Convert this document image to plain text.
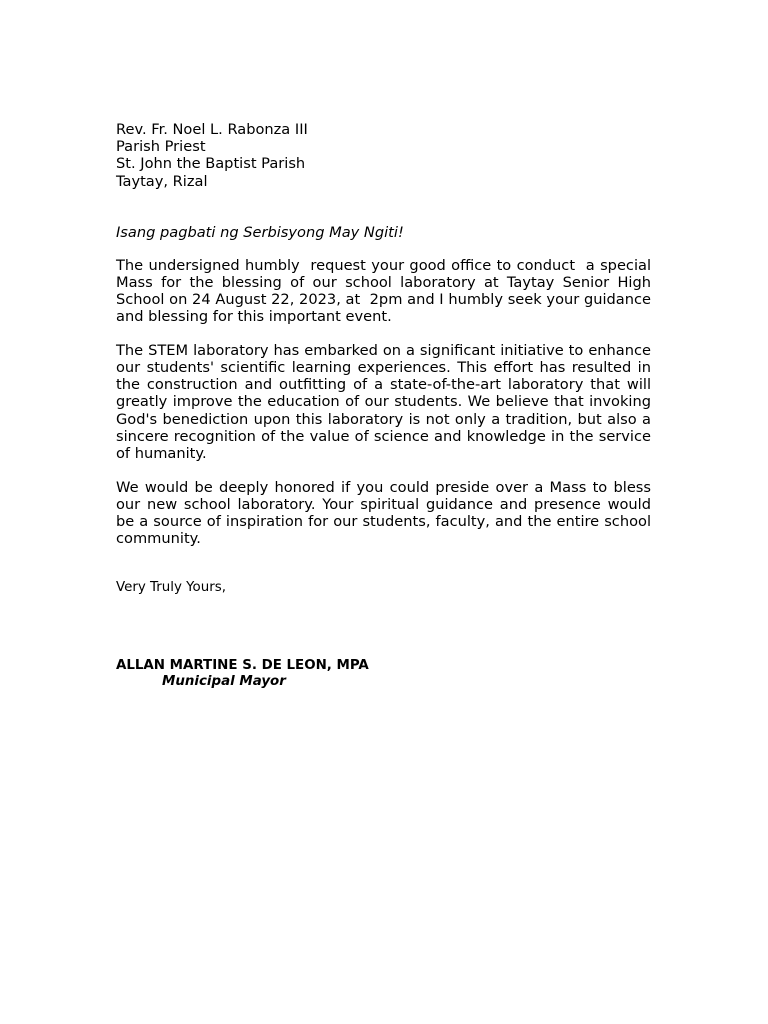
Rev. Fr. Noel L. Rabonza III
Parish Priest
St. John the Baptist Parish
Taytay, Rizal
Isang pagbati ng Serbisyong May Ngiti!

The undersigned humbly  request your good office to conduct  a special Mass for the blessing of our school laboratory at Taytay Senior High School on 24 August 22, 2023, at  2pm and I humbly seek your guidance and blessing for this important event.

The STEM laboratory has embarked on a significant initiative to enhance our students' scientific learning experiences. This effort has resulted in the construction and outfitting of a state-of-the-art laboratory that will greatly improve the education of our students. We believe that invoking God's benediction upon this laboratory is not only a tradition, but also a sincere recognition of the value of science and knowledge in the service of humanity.

We would be deeply honored if you could preside over a Mass to bless our new school laboratory. Your spiritual guidance and presence would be a source of inspiration for our students, faculty, and the entire school community.

Very Truly Yours,
ALLAN MARTINE S. DE LEON, MPA
Municipal Mayor
